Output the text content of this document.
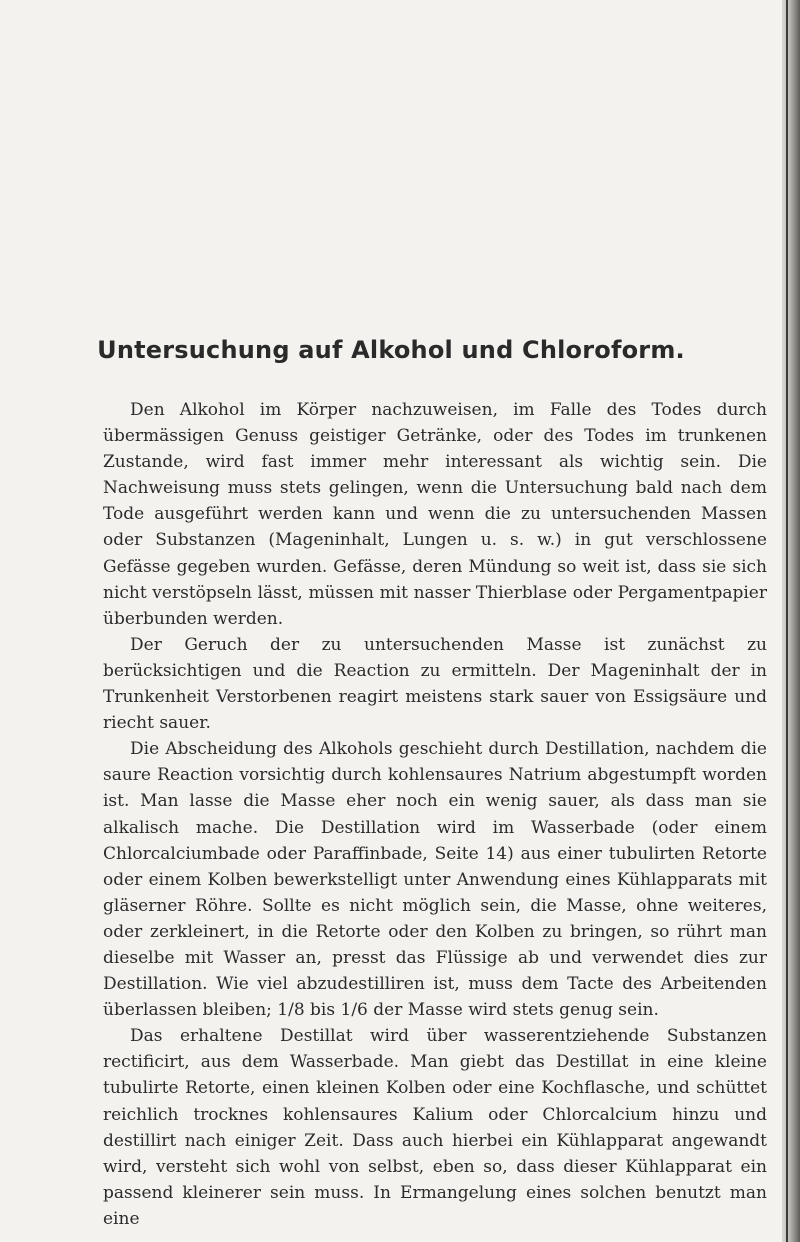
Untersuchung auf Alkohol und Chloroform.

Den Alkohol im Körper nachzuweisen, im Falle des Todes durch übermässigen Genuss geistiger Getränke, oder des Todes im trunkenen Zustande, wird fast immer mehr interessant als wichtig sein. Die Nachweisung muss stets gelingen, wenn die Untersuchung bald nach dem Tode ausgeführt werden kann und wenn die zu untersuchenden Massen oder Substanzen (Mageninhalt, Lungen u. s. w.) in gut verschlossene Gefässe gegeben wurden. Gefässe, deren Mündung so weit ist, dass sie sich nicht verstöpseln lässt, müssen mit nasser Thierblase oder Pergamentpapier überbunden werden.

Der Geruch der zu untersuchenden Masse ist zunächst zu berücksichtigen und die Reaction zu ermitteln. Der Mageninhalt der in Trunkenheit Verstorbenen reagirt meistens stark sauer von Essigsäure und riecht sauer.

Die Abscheidung des Alkohols geschieht durch Destillation, nachdem die saure Reaction vorsichtig durch kohlensaures Natrium abgestumpft worden ist. Man lasse die Masse eher noch ein wenig sauer, als dass man sie alkalisch mache. Die Destillation wird im Wasserbade (oder einem Chlorcalciumbade oder Paraffinbade, Seite 14) aus einer tubulirten Retorte oder einem Kolben bewerkstelligt unter Anwendung eines Kühlapparats mit gläserner Röhre. Sollte es nicht möglich sein, die Masse, ohne weiteres, oder zerkleinert, in die Retorte oder den Kolben zu bringen, so rührt man dieselbe mit Wasser an, presst das Flüssige ab und verwendet dies zur Destillation. Wie viel abzudestilliren ist, muss dem Tacte des Arbeitenden überlassen bleiben; 1/8 bis 1/6 der Masse wird stets genug sein.

Das erhaltene Destillat wird über wasserentziehende Substanzen rectificirt, aus dem Wasserbade. Man giebt das Destillat in eine kleine tubulirte Retorte, einen kleinen Kolben oder eine Kochflasche, und schüttet reichlich trocknes kohlensaures Kalium oder Chlorcalcium hinzu und destillirt nach einiger Zeit. Dass auch hierbei ein Kühlapparat angewandt wird, versteht sich wohl von selbst, eben so, dass dieser Kühlapparat ein passend kleinerer sein muss. In Ermangelung eines solchen benutzt man eine
